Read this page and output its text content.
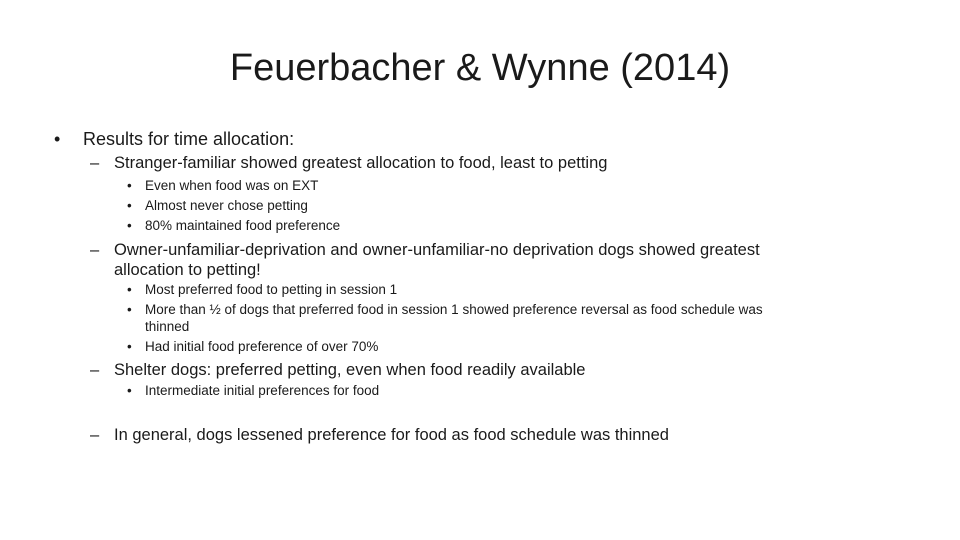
Feuerbacher & Wynne (2014)
• Results for time allocation:
– Stranger-familiar showed greatest allocation to food, least to petting
• Even when food was on EXT
• Almost never chose petting
• 80% maintained food preference
– Owner-unfamiliar-deprivation and owner-unfamiliar-no deprivation dogs showed greatest
allocation to petting!
• Most preferred food to petting in session 1
• More than ½ of dogs that preferred food in session 1 showed preference reversal as food schedule was
thinned
• Had initial food preference of over 70%
– Shelter dogs: preferred petting, even when food readily available
• Intermediate initial preferences for food
– In general, dogs lessened preference for food as food schedule was thinned
